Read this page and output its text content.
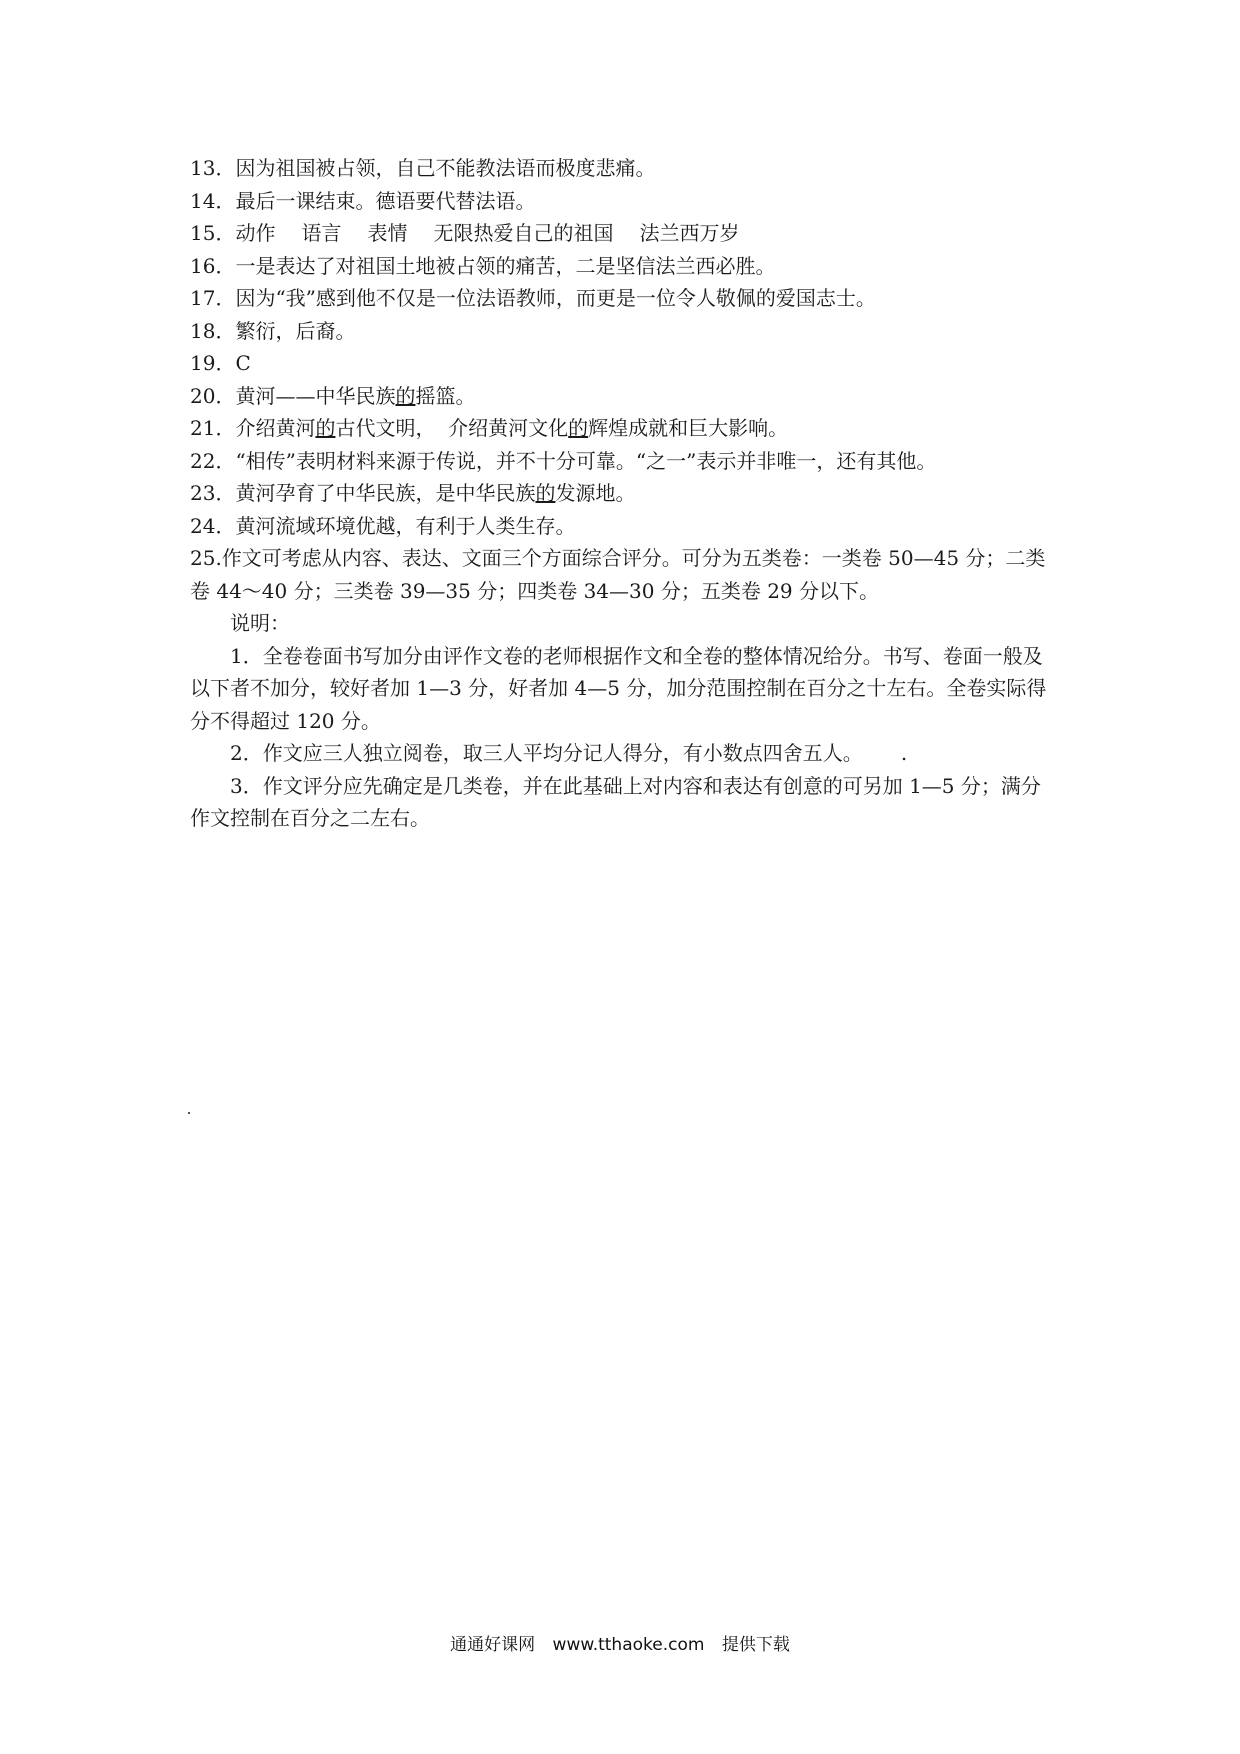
13．因为祖国被占领，自己不能教法语而极度悲痛。
14．最后一课结束。德语要代替法语。
15．动作 语言 表情 无限热爱自己的祖国 法兰西万岁
16．一是表达了对祖国土地被占领的痛苦，二是坚信法兰西必胜。
17．因为“我”感到他不仅是一位法语教师，而更是一位令人敬佩的爱国志士。
18．繁衍，后裔。
19．C
20．黄河——中华民族的摇篮。
21．介绍黄河的古代文明，  介绍黄河文化的辉煌成就和巨大影响。
22．“相传”表明材料来源于传说，并不十分可靠。“之一”表示并非唯一，还有其他。
23．黄河孕育了中华民族，是中华民族的发源地。
24．黄河流域环境优越，有利于人类生存。
25.作文可考虑从内容、表达、文面三个方面综合评分。可分为五类卷：一类卷 50—45 分；二类卷 44～40 分；三类卷 39—35 分；四类卷 34—30 分；五类卷 29 分以下。
说明：
1．全卷卷面书写加分由评作文卷的老师根据作文和全卷的整体情况给分。书写、卷面一般及以下者不加分，较好者加 1—3 分，好者加 4—5 分，加分范围控制在百分之十左右。全卷实际得分不得超过 120 分。
2．作文应三人独立阅卷，取三人平均分记人得分，有小数点四舍五人。      .
3．作文评分应先确定是几类卷，并在此基础上对内容和表达有创意的可另加 1—5 分；满分作文控制在百分之二左右。
通通好课网 www.tthaoke.com 提供下载
